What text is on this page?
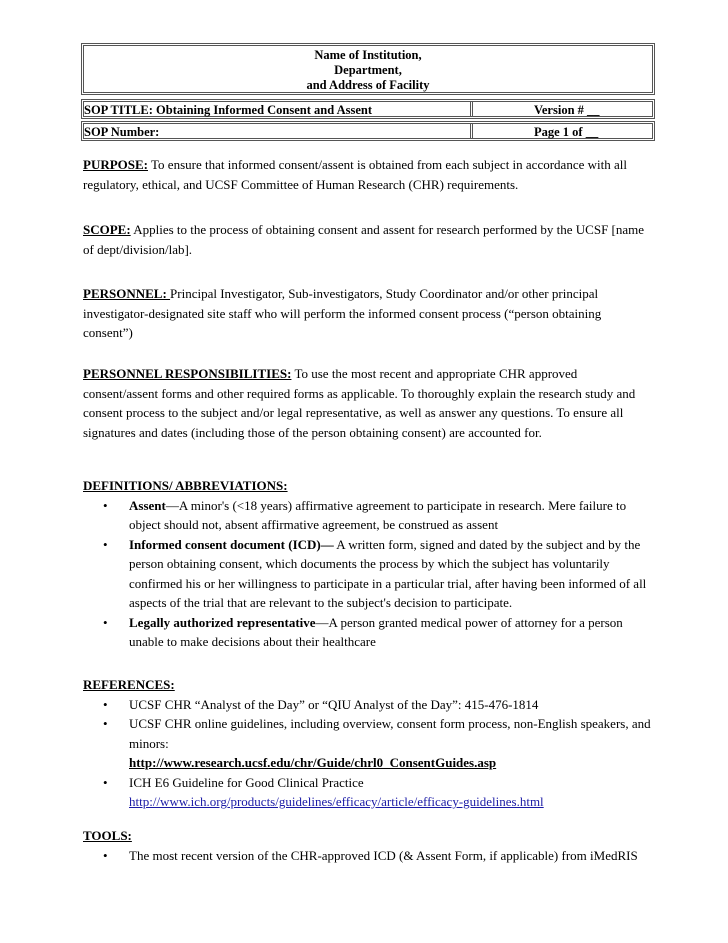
Name of Institution,
Department,
and Address of Facility
SOP TITLE: Obtaining Informed Consent and Assent	Version # __
SOP Number:	Page 1 of __
PURPOSE: To ensure that informed consent/assent is obtained from each subject in accordance with all regulatory, ethical, and UCSF Committee of Human Research (CHR) requirements.
SCOPE: Applies to the process of obtaining consent and assent for research performed by the UCSF [name of dept/division/lab].
PERSONNEL: Principal Investigator, Sub-investigators, Study Coordinator and/or other principal investigator-designated site staff who will perform the informed consent process (“person obtaining consent”)
PERSONNEL RESPONSIBILITIES: To use the most recent and appropriate CHR approved consent/assent forms and other required forms as applicable. To thoroughly explain the research study and consent process to the subject and/or legal representative, as well as answer any questions. To ensure all signatures and dates (including those of the person obtaining consent) are accounted for.
DEFINITIONS/ ABBREVIATIONS:
• Assent—A minor's (<18 years) affirmative agreement to participate in research. Mere failure to object should not, absent affirmative agreement, be construed as assent
• Informed consent document (ICD)— A written form, signed and dated by the subject and by the person obtaining consent, which documents the process by which the subject has voluntarily confirmed his or her willingness to participate in a particular trial, after having been informed of all aspects of the trial that are relevant to the subject's decision to participate.
• Legally authorized representative—A person granted medical power of attorney for a person unable to make decisions about their healthcare
REFERENCES:
• UCSF CHR “Analyst of the Day” or “QIU Analyst of the Day”: 415-476-1814
• UCSF CHR online guidelines, including overview, consent form process, non-English speakers, and minors:
http://www.research.ucsf.edu/chr/Guide/chrl0_ConsentGuides.asp
• ICH E6 Guideline for Good Clinical Practice
http://www.ich.org/products/guidelines/efficacy/article/efficacy-guidelines.html
TOOLS:
• The most recent version of the CHR-approved ICD (& Assent Form, if applicable) from iMedRIS
